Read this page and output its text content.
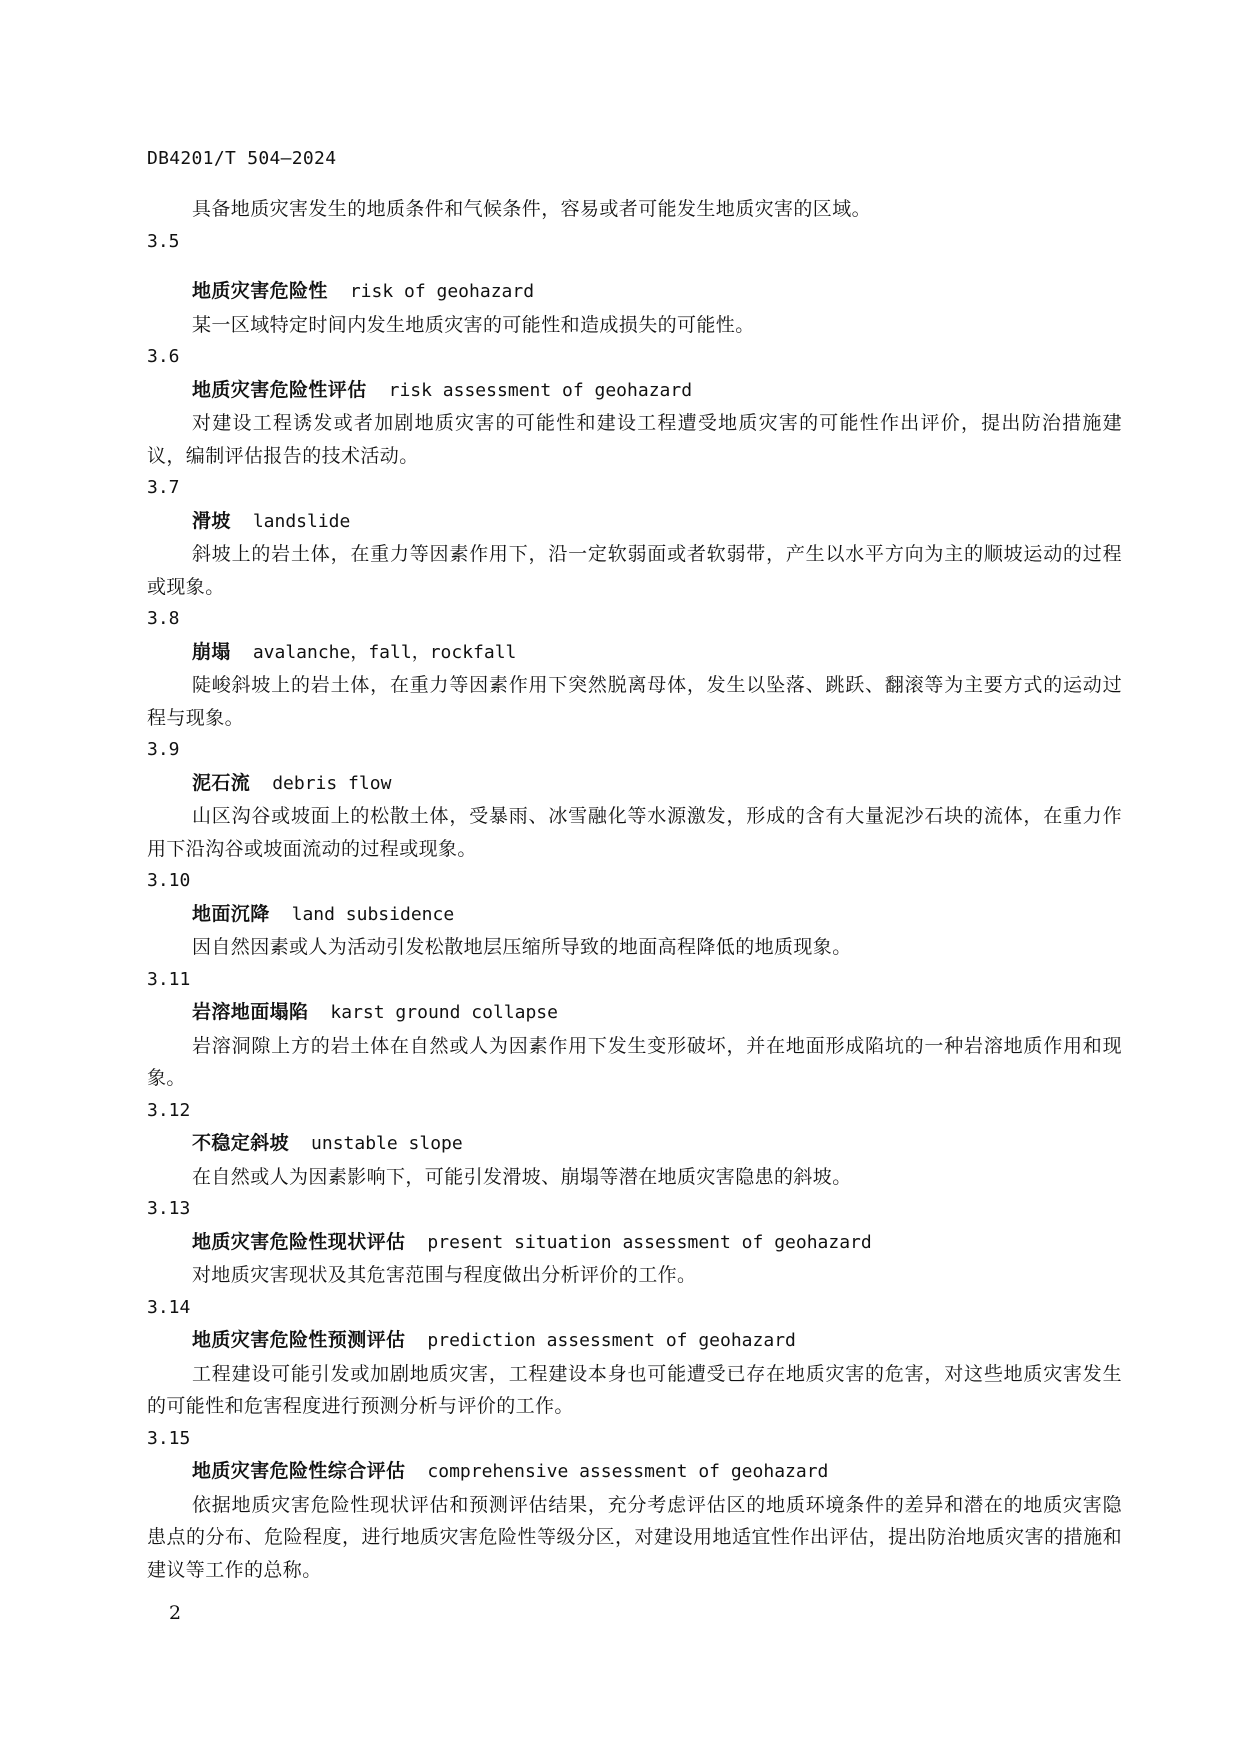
DB4201/T 504—2024

具备地质灾害发生的地质条件和气候条件，容易或者可能发生地质灾害的区域。

3.5

地质灾害危险性 risk of geohazard

某一区域特定时间内发生地质灾害的可能性和造成损失的可能性。

3.6

地质灾害危险性评估 risk assessment of geohazard

对建设工程诱发或者加剧地质灾害的可能性和建设工程遭受地质灾害的可能性作出评价，提出防治措施建议，编制评估报告的技术活动。

3.7

滑坡 landslide

斜坡上的岩土体，在重力等因素作用下，沿一定软弱面或者软弱带，产生以水平方向为主的顺坡运动的过程或现象。

3.8

崩塌 avalanche，fall，rockfall

陡峻斜坡上的岩土体，在重力等因素作用下突然脱离母体，发生以坠落、跳跃、翻滚等为主要方式的运动过程与现象。

3.9

泥石流 debris flow

山区沟谷或坡面上的松散土体，受暴雨、冰雪融化等水源激发，形成的含有大量泥沙石块的流体，在重力作用下沿沟谷或坡面流动的过程或现象。

3.10

地面沉降 land subsidence

因自然因素或人为活动引发松散地层压缩所导致的地面高程降低的地质现象。

3.11

岩溶地面塌陷 karst ground collapse

岩溶洞隙上方的岩土体在自然或人为因素作用下发生变形破坏，并在地面形成陷坑的一种岩溶地质作用和现象。

3.12

不稳定斜坡 unstable slope

在自然或人为因素影响下，可能引发滑坡、崩塌等潜在地质灾害隐患的斜坡。

3.13

地质灾害危险性现状评估 present situation assessment of geohazard

对地质灾害现状及其危害范围与程度做出分析评价的工作。

3.14

地质灾害危险性预测评估 prediction assessment of geohazard

工程建设可能引发或加剧地质灾害，工程建设本身也可能遭受已存在地质灾害的危害，对这些地质灾害发生的可能性和危害程度进行预测分析与评价的工作。

3.15

地质灾害危险性综合评估 comprehensive assessment of geohazard

依据地质灾害危险性现状评估和预测评估结果，充分考虑评估区的地质环境条件的差异和潜在的地质灾害隐患点的分布、危险程度，进行地质灾害危险性等级分区，对建设用地适宜性作出评估，提出防治地质灾害的措施和建议等工作的总称。

2
